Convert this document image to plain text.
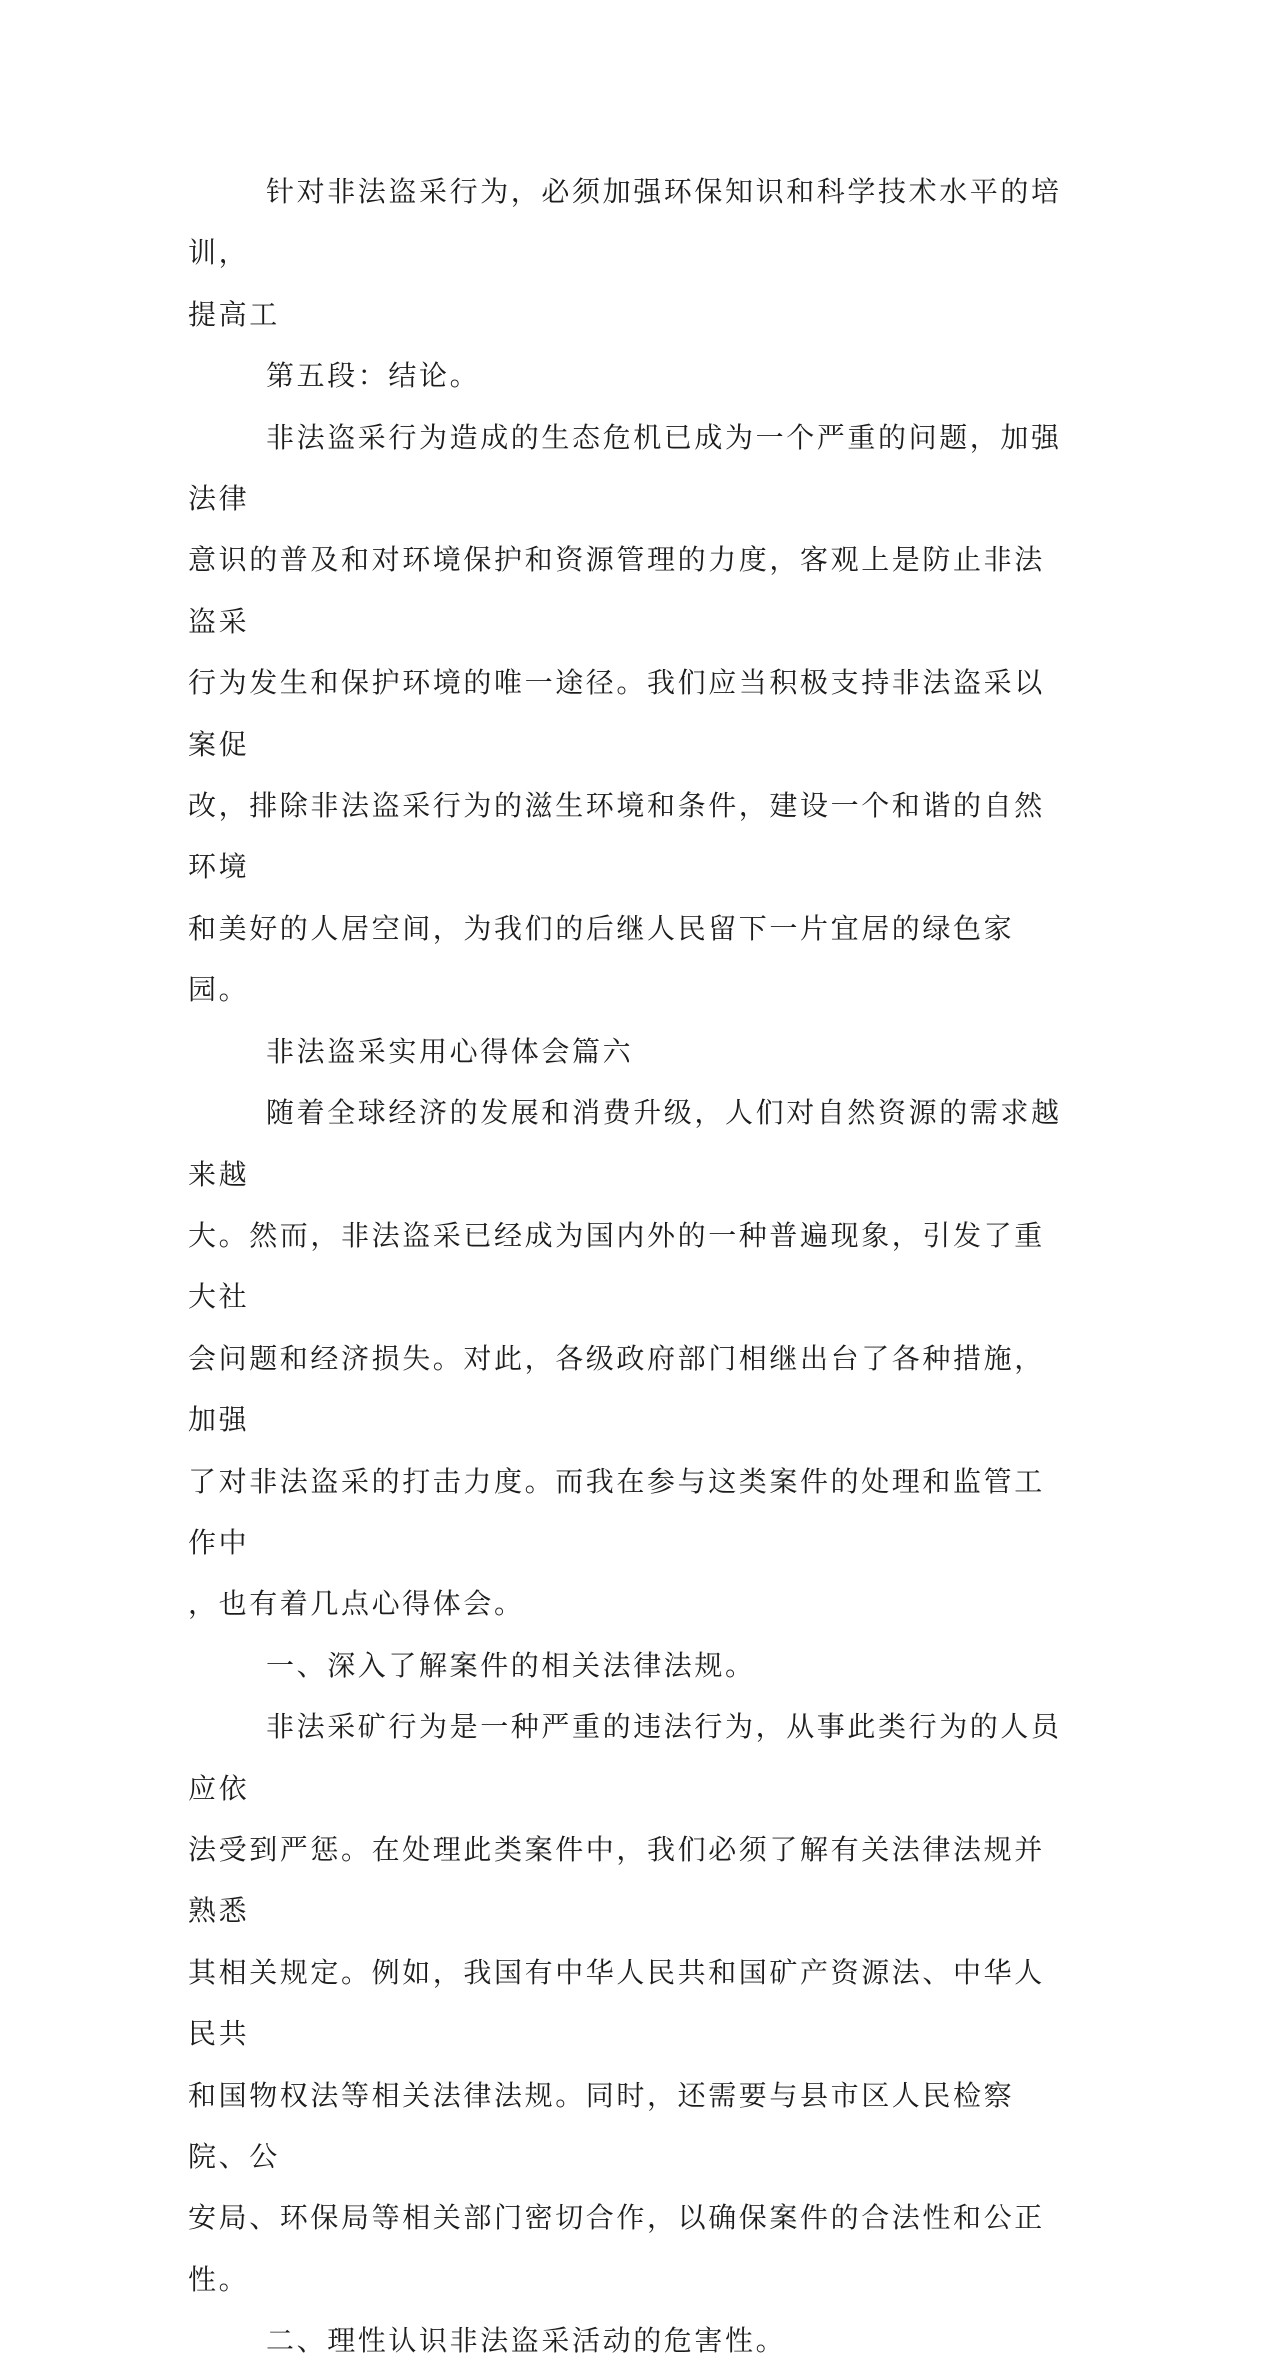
针对非法盗采行为，必须加强环保知识和科学技术水平的培训，
提高工

第五段：结论。

非法盗采行为造成的生态危机已成为一个严重的问题，加强法律
意识的普及和对环境保护和资源管理的力度，客观上是防止非法盗采
行为发生和保护环境的唯一途径。我们应当积极支持非法盗采以案促
改，排除非法盗采行为的滋生环境和条件，建设一个和谐的自然环境
和美好的人居空间，为我们的后继人民留下一片宜居的绿色家园。

非法盗采实用心得体会篇六

随着全球经济的发展和消费升级，人们对自然资源的需求越来越
大。然而，非法盗采已经成为国内外的一种普遍现象，引发了重大社
会问题和经济损失。对此，各级政府部门相继出台了各种措施，加强
了对非法盗采的打击力度。而我在参与这类案件的处理和监管工作中
，也有着几点心得体会。

一、深入了解案件的相关法律法规。

非法采矿行为是一种严重的违法行为，从事此类行为的人员应依
法受到严惩。在处理此类案件中，我们必须了解有关法律法规并熟悉
其相关规定。例如，我国有中华人民共和国矿产资源法、中华人民共
和国物权法等相关法律法规。同时，还需要与县市区人民检察院、公
安局、环保局等相关部门密切合作，以确保案件的合法性和公正性。

二、理性认识非法盗采活动的危害性。
